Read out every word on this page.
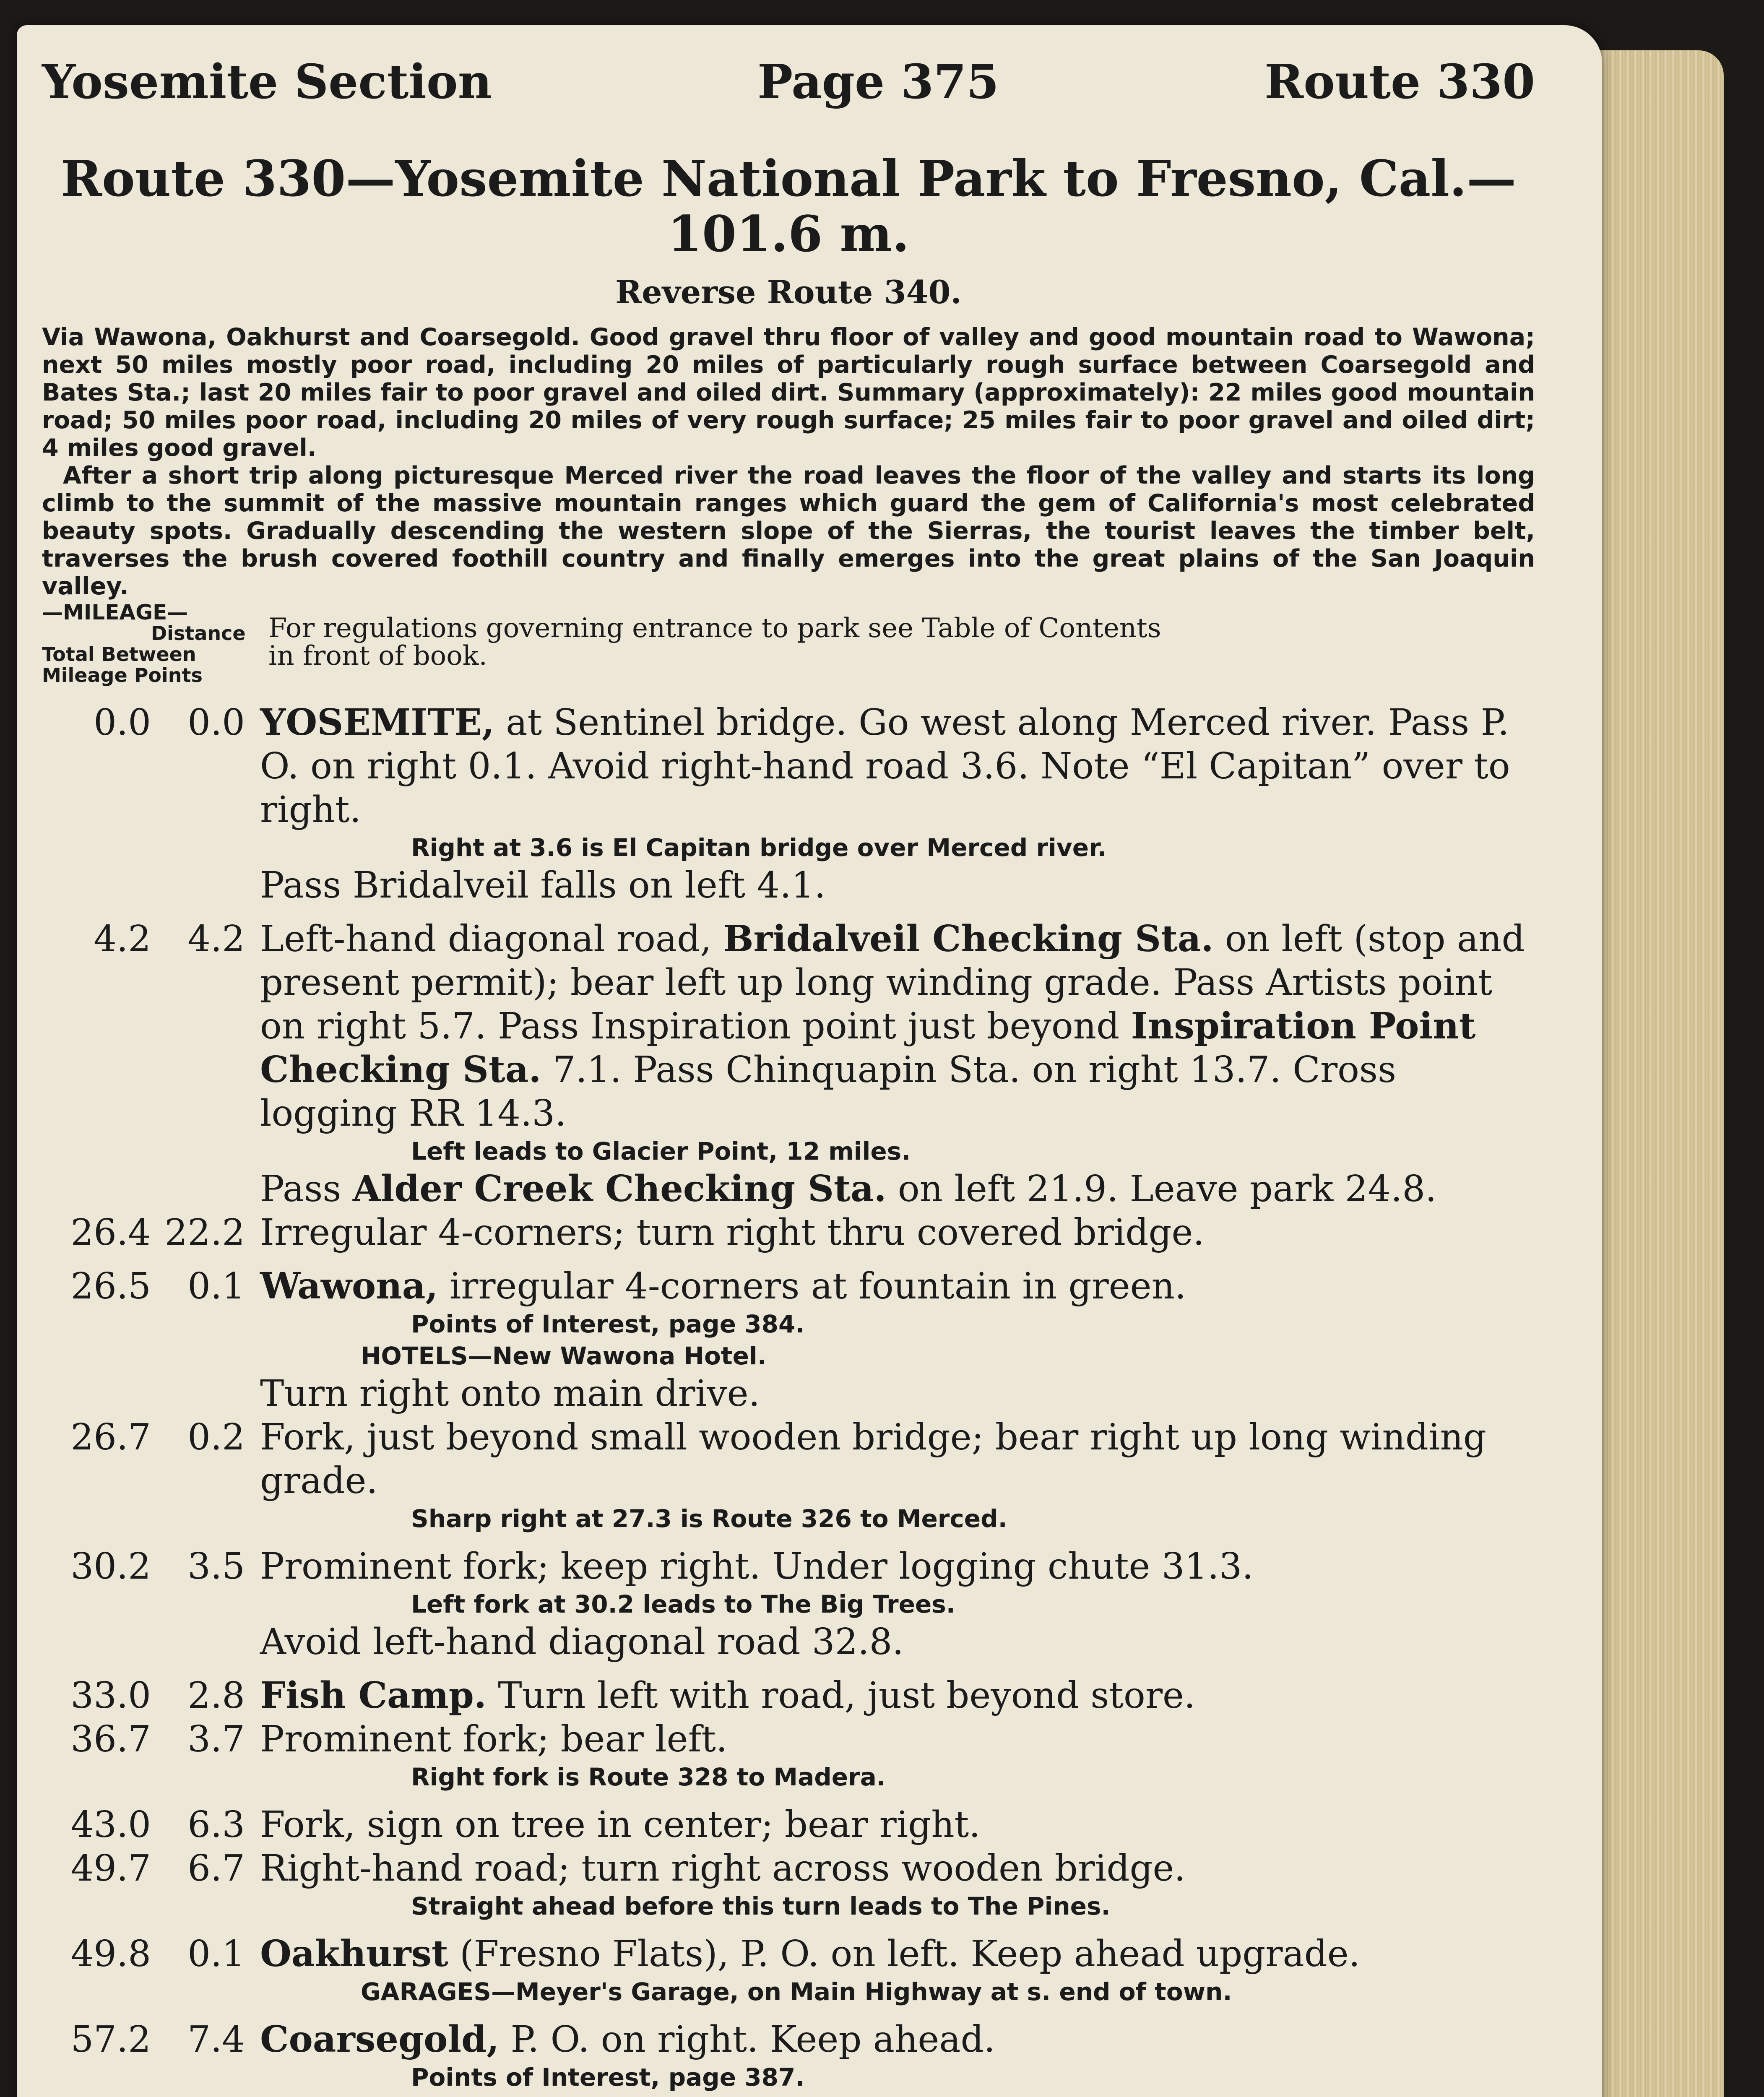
Yosemite Section	Page 375	Route 330
Route 330—Yosemite National Park to Fresno, Cal.—
101.6 m.
Reverse Route 340.

Via Wawona, Oakhurst and Coarsegold. Good gravel thru floor of valley and good mountain road to Wawona; next 50 miles mostly poor road, including 20 miles of particularly rough surface between Coarsegold and Bates Sta.; last 20 miles fair to poor gravel and oiled dirt. Summary (approximately): 22 miles good mountain road; 50 miles poor road, including 20 miles of very rough surface; 25 miles fair to poor gravel and oiled dirt; 4 miles good gravel.

After a short trip along picturesque Merced river the road leaves the floor of the valley and starts its long climb to the summit of the massive mountain ranges which guard the gem of California's most celebrated beauty spots. Gradually descending the western slope of the Sierras, the tourist leaves the timber belt, traverses the brush covered foothill country and finally emerges into the great plains of the San Joaquin valley.

—MILEAGE—
Distance
Total Between
Mileage Points
For regulations governing entrance to park see Table of Contents
in front of book.
0.0	0.0 YOSEMITE, at Sentinel bridge. Go west along Merced river. Pass P. O. on right 0.1. Avoid right-hand road 3.6. Note “El Capitan” over to right.
Right at 3.6 is El Capitan bridge over Merced river.
Pass Bridalveil falls on left 4.1.
4.2	4.2 Left-hand diagonal road, Bridalveil Checking Sta. on left (stop and present permit); bear left up long winding grade. Pass Artists point on right 5.7. Pass Inspiration point just beyond Inspiration Point Checking Sta. 7.1. Pass Chinquapin Sta. on right 13.7. Cross logging RR 14.3.
Left leads to Glacier Point, 12 miles.
Pass Alder Creek Checking Sta. on left 21.9. Leave park 24.8.
26.4 22.2 Irregular 4-corners; turn right thru covered bridge.
26.5	0.1 Wawona, irregular 4-corners at fountain in green.
Points of Interest, page 384.
HOTELS—New Wawona Hotel.
Turn right onto main drive.
26.7	0.2 Fork, just beyond small wooden bridge; bear right up long winding grade.
Sharp right at 27.3 is Route 326 to Merced.
30.2	3.5 Prominent fork; keep right. Under logging chute 31.3.
Left fork at 30.2 leads to The Big Trees.
Avoid left-hand diagonal road 32.8.
33.0	2.8 Fish Camp. Turn left with road, just beyond store.
36.7	3.7 Prominent fork; bear left.
Right fork is Route 328 to Madera.
43.0	6.3 Fork, sign on tree in center; bear right.
49.7	6.7 Right-hand road; turn right across wooden bridge.
Straight ahead before this turn leads to The Pines.
49.8	0.1 Oakhurst (Fresno Flats), P. O. on left. Keep ahead upgrade.
GARAGES—Meyer's Garage, on Main Highway at s. end of town.
57.2	7.4 Coarsegold, P. O. on right. Keep ahead.
Points of Interest, page 387.
